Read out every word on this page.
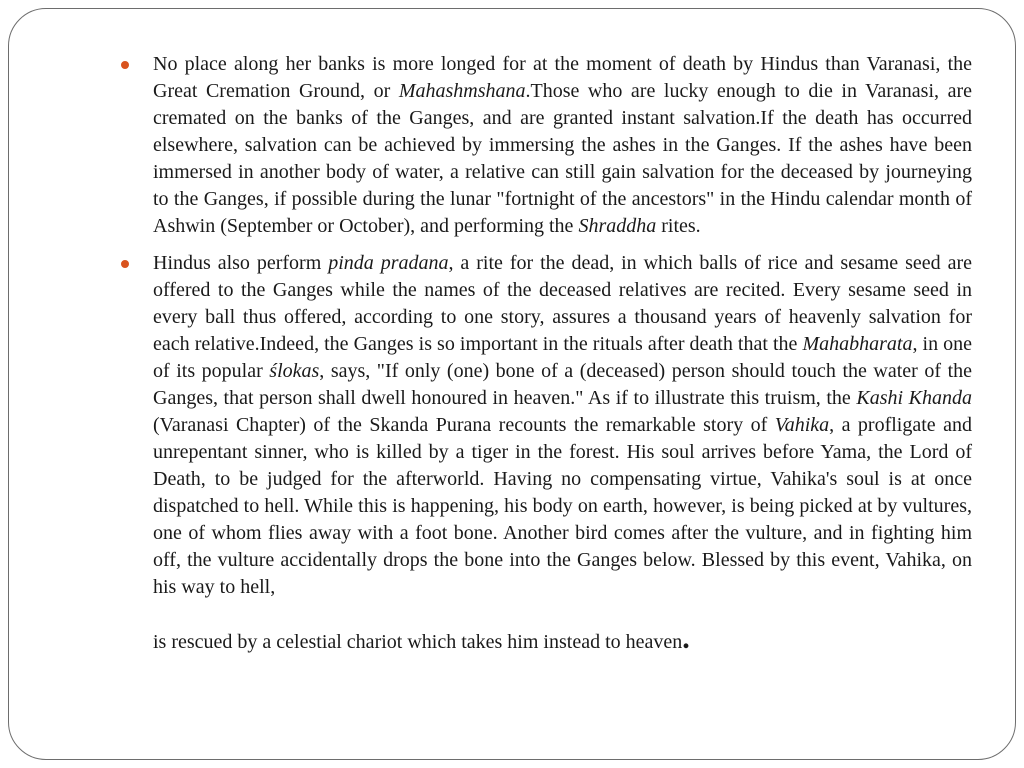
No place along her banks is more longed for at the moment of death by Hindus than Varanasi, the Great Cremation Ground, or Mahashmshana.Those who are lucky enough to die in Varanasi, are cremated on the banks of the Ganges, and are granted instant salvation.If the death has occurred elsewhere, salvation can be achieved by immersing the ashes in the Ganges. If the ashes have been immersed in another body of water, a relative can still gain salvation for the deceased by journeying to the Ganges, if possible during the lunar "fortnight of the ancestors" in the Hindu calendar month of Ashwin (September or October), and performing the Shraddha rites.
Hindus also perform pinda pradana, a rite for the dead, in which balls of rice and sesame seed are offered to the Ganges while the names of the deceased relatives are recited. Every sesame seed in every ball thus offered, according to one story, assures a thousand years of heavenly salvation for each relative.Indeed, the Ganges is so important in the rituals after death that the Mahabharata, in one of its popular ślokas, says, "If only (one) bone of a (deceased) person should touch the water of the Ganges, that person shall dwell honoured in heaven." As if to illustrate this truism, the Kashi Khanda (Varanasi Chapter) of the Skanda Purana recounts the remarkable story of Vahika, a profligate and unrepentant sinner, who is killed by a tiger in the forest. His soul arrives before Yama, the Lord of Death, to be judged for the afterworld. Having no compensating virtue, Vahika's soul is at once dispatched to hell. While this is happening, his body on earth, however, is being picked at by vultures, one of whom flies away with a foot bone. Another bird comes after the vulture, and in fighting him off, the vulture accidentally drops the bone into the Ganges below. Blessed by this event, Vahika, on his way to hell,
is rescued by a celestial chariot which takes him instead to heaven.
